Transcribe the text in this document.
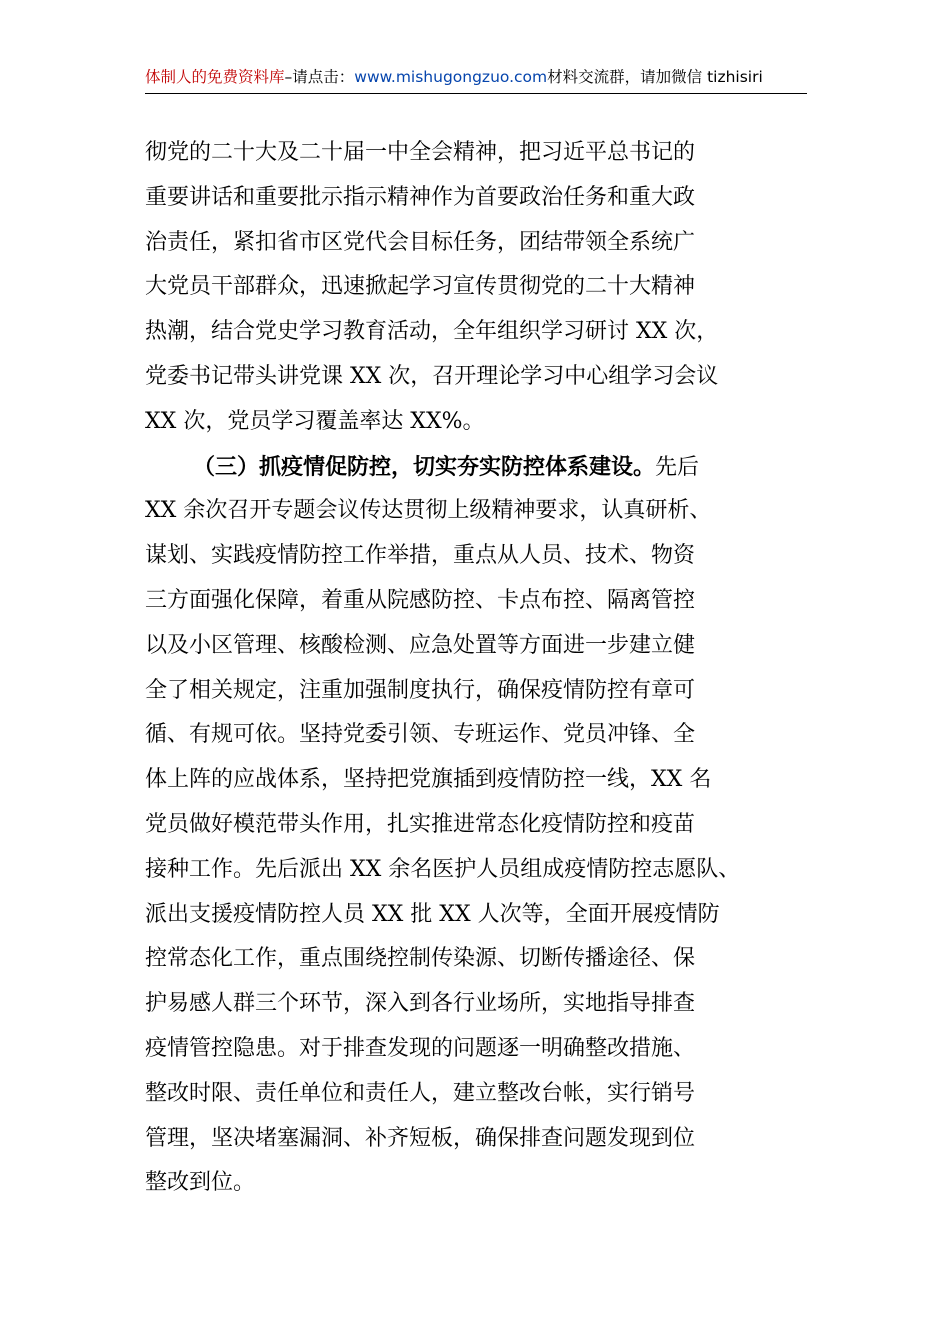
体制人的免费资料库–请点击：www.mishugongzuo.com材料交流群，请加微信 tizhisiri
彻党的二十大及二十届一中全会精神，把习近平总书记的
重要讲话和重要批示指示精神作为首要政治任务和重大政
治责任，紧扣省市区党代会目标任务，团结带领全系统广
大党员干部群众，迅速掀起学习宣传贯彻党的二十大精神
热潮，结合党史学习教育活动，全年组织学习研讨 XX 次，
党委书记带头讲党课 XX 次，召开理论学习中心组学习会议
XX 次，党员学习覆盖率达 XX%。
（三）抓疫情促防控，切实夯实防控体系建设。先后
XX 余次召开专题会议传达贯彻上级精神要求，认真研析、
谋划、实践疫情防控工作举措，重点从人员、技术、物资
三方面强化保障，着重从院感防控、卡点布控、隔离管控
以及小区管理、核酸检测、应急处置等方面进一步建立健
全了相关规定，注重加强制度执行，确保疫情防控有章可
循、有规可依。坚持党委引领、专班运作、党员冲锋、全
体上阵的应战体系，坚持把党旗插到疫情防控一线，XX 名
党员做好模范带头作用，扎实推进常态化疫情防控和疫苗
接种工作。先后派出 XX 余名医护人员组成疫情防控志愿队、
派出支援疫情防控人员 XX 批 XX 人次等，全面开展疫情防
控常态化工作，重点围绕控制传染源、切断传播途径、保
护易感人群三个环节，深入到各行业场所，实地指导排查
疫情管控隐患。对于排查发现的问题逐一明确整改措施、
整改时限、责任单位和责任人，建立整改台帐，实行销号
管理，坚决堵塞漏洞、补齐短板，确保排查问题发现到位
整改到位。
